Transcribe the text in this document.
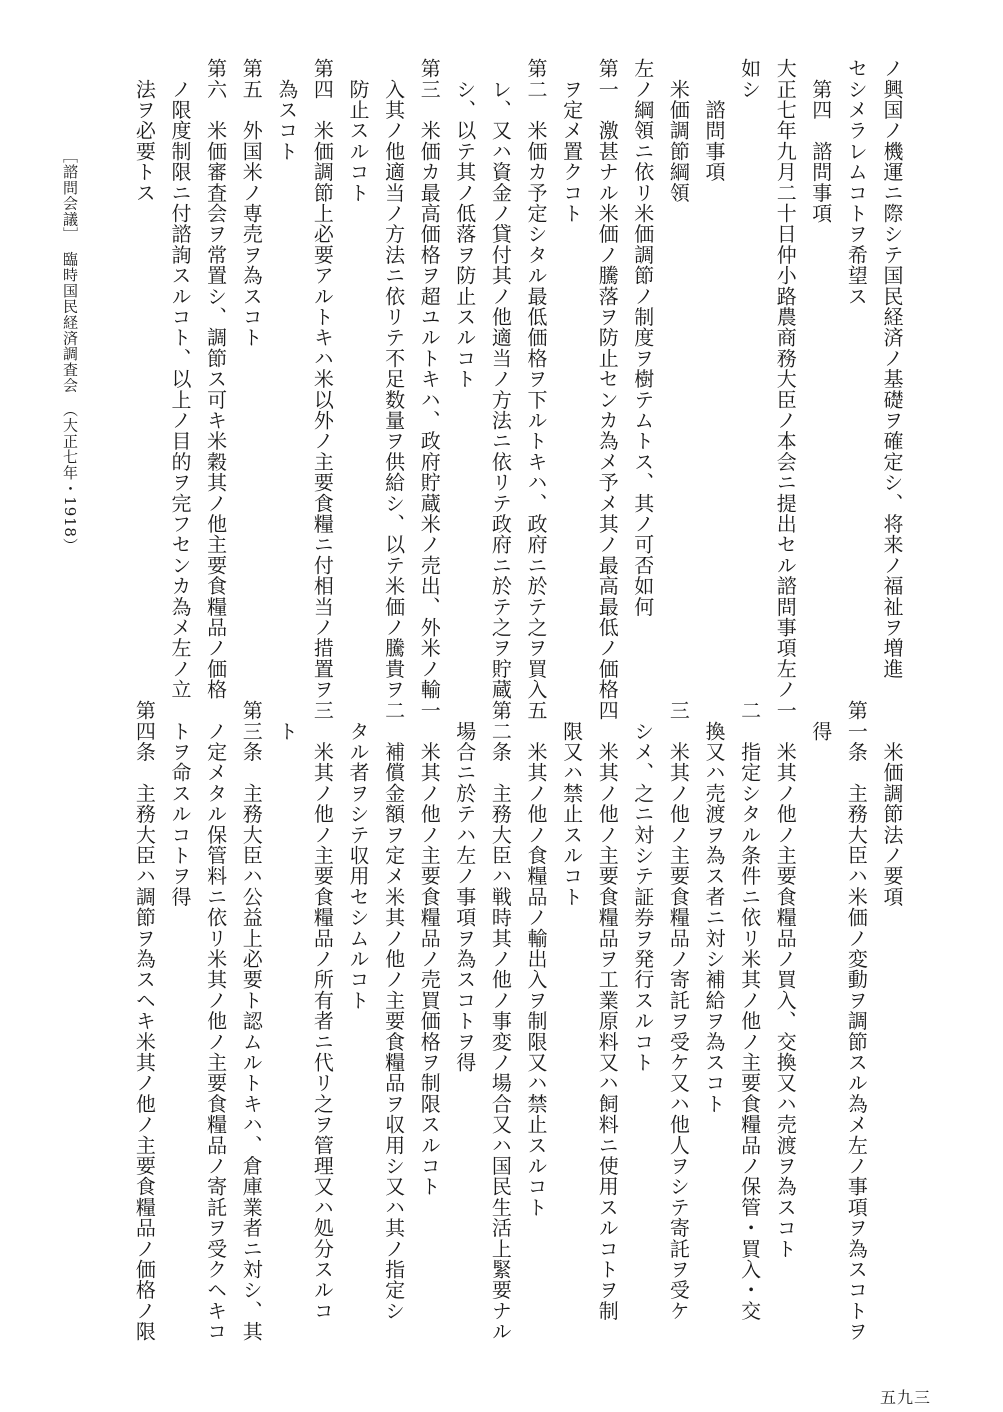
ノ興国ノ機運ニ際シテ国民経済ノ基礎ヲ確定シ、将来ノ福祉ヲ増進
セシメラレムコトヲ希望ス
　第四　諮問事項
大正七年九月二十日仲小路農商務大臣ノ本会ニ提出セル諮問事項左ノ
如シ
　　諮問事項
　米価調節綱領
左ノ綱領ニ依リ米価調節ノ制度ヲ樹テムトス、其ノ可否如何
第一　激甚ナル米価ノ騰落ヲ防止センカ為メ予メ其ノ最高最低ノ価格
　ヲ定メ置クコト
第二　米価カ予定シタル最低価格ヲ下ルトキハ、政府ニ於テ之ヲ買入
　レ、又ハ資金ノ貸付其ノ他適当ノ方法ニ依リテ政府ニ於テ之ヲ貯蔵
　シ、以テ其ノ低落ヲ防止スルコト
第三　米価カ最高価格ヲ超ユルトキハ、政府貯蔵米ノ売出、外米ノ輸
　入其ノ他適当ノ方法ニ依リテ不足数量ヲ供給シ、以テ米価ノ騰貴ヲ
　防止スルコト
第四　米価調節上必要アルトキハ米以外ノ主要食糧ニ付相当ノ措置ヲ
　為スコト
第五　外国米ノ専売ヲ為スコト
第六　米価審査会ヲ常置シ、調節ス可キ米穀其ノ他主要食糧品ノ価格
　ノ限度制限ニ付諮詢スルコト、以上ノ目的ヲ完フセンカ為メ左ノ立
　法ヲ必要トス
　　米価調節法ノ要項
第一条　主務大臣ハ米価ノ変動ヲ調節スル為メ左ノ事項ヲ為スコトヲ
　得
一　米其ノ他ノ主要食糧品ノ買入、交換又ハ売渡ヲ為スコト
二　指定シタル条件ニ依リ米其ノ他ノ主要食糧品ノ保管・買入・交
　換又ハ売渡ヲ為ス者ニ対シ補給ヲ為スコト
三　米其ノ他ノ主要食糧品ノ寄託ヲ受ケ又ハ他人ヲシテ寄託ヲ受ケ
　シメ、之ニ対シテ証券ヲ発行スルコト
四　米其ノ他ノ主要食糧品ヲ工業原料又ハ飼料ニ使用スルコトヲ制
　限又ハ禁止スルコト
五　米其ノ他ノ食糧品ノ輸出入ヲ制限又ハ禁止スルコト
第二条　主務大臣ハ戦時其ノ他ノ事変ノ場合又ハ国民生活上緊要ナル
　場合ニ於テハ左ノ事項ヲ為スコトヲ得
一　米其ノ他ノ主要食糧品ノ売買価格ヲ制限スルコト
二　補償金額ヲ定メ米其ノ他ノ主要食糧品ヲ収用シ又ハ其ノ指定シ
　タル者ヲシテ収用セシムルコト
三　米其ノ他ノ主要食糧品ノ所有者ニ代リ之ヲ管理又ハ処分スルコ
　ト
第三条　主務大臣ハ公益上必要ト認ムルトキハ、倉庫業者ニ対シ、其
　ノ定メタル保管料ニ依リ米其ノ他ノ主要食糧品ノ寄託ヲ受クヘキコ
　トヲ命スルコトヲ得
第四条　主務大臣ハ調節ヲ為スヘキ米其ノ他ノ主要食糧品ノ価格ノ限
五九三
［諮問会議］　臨時国民経済調査会　（大正七年・1918）
